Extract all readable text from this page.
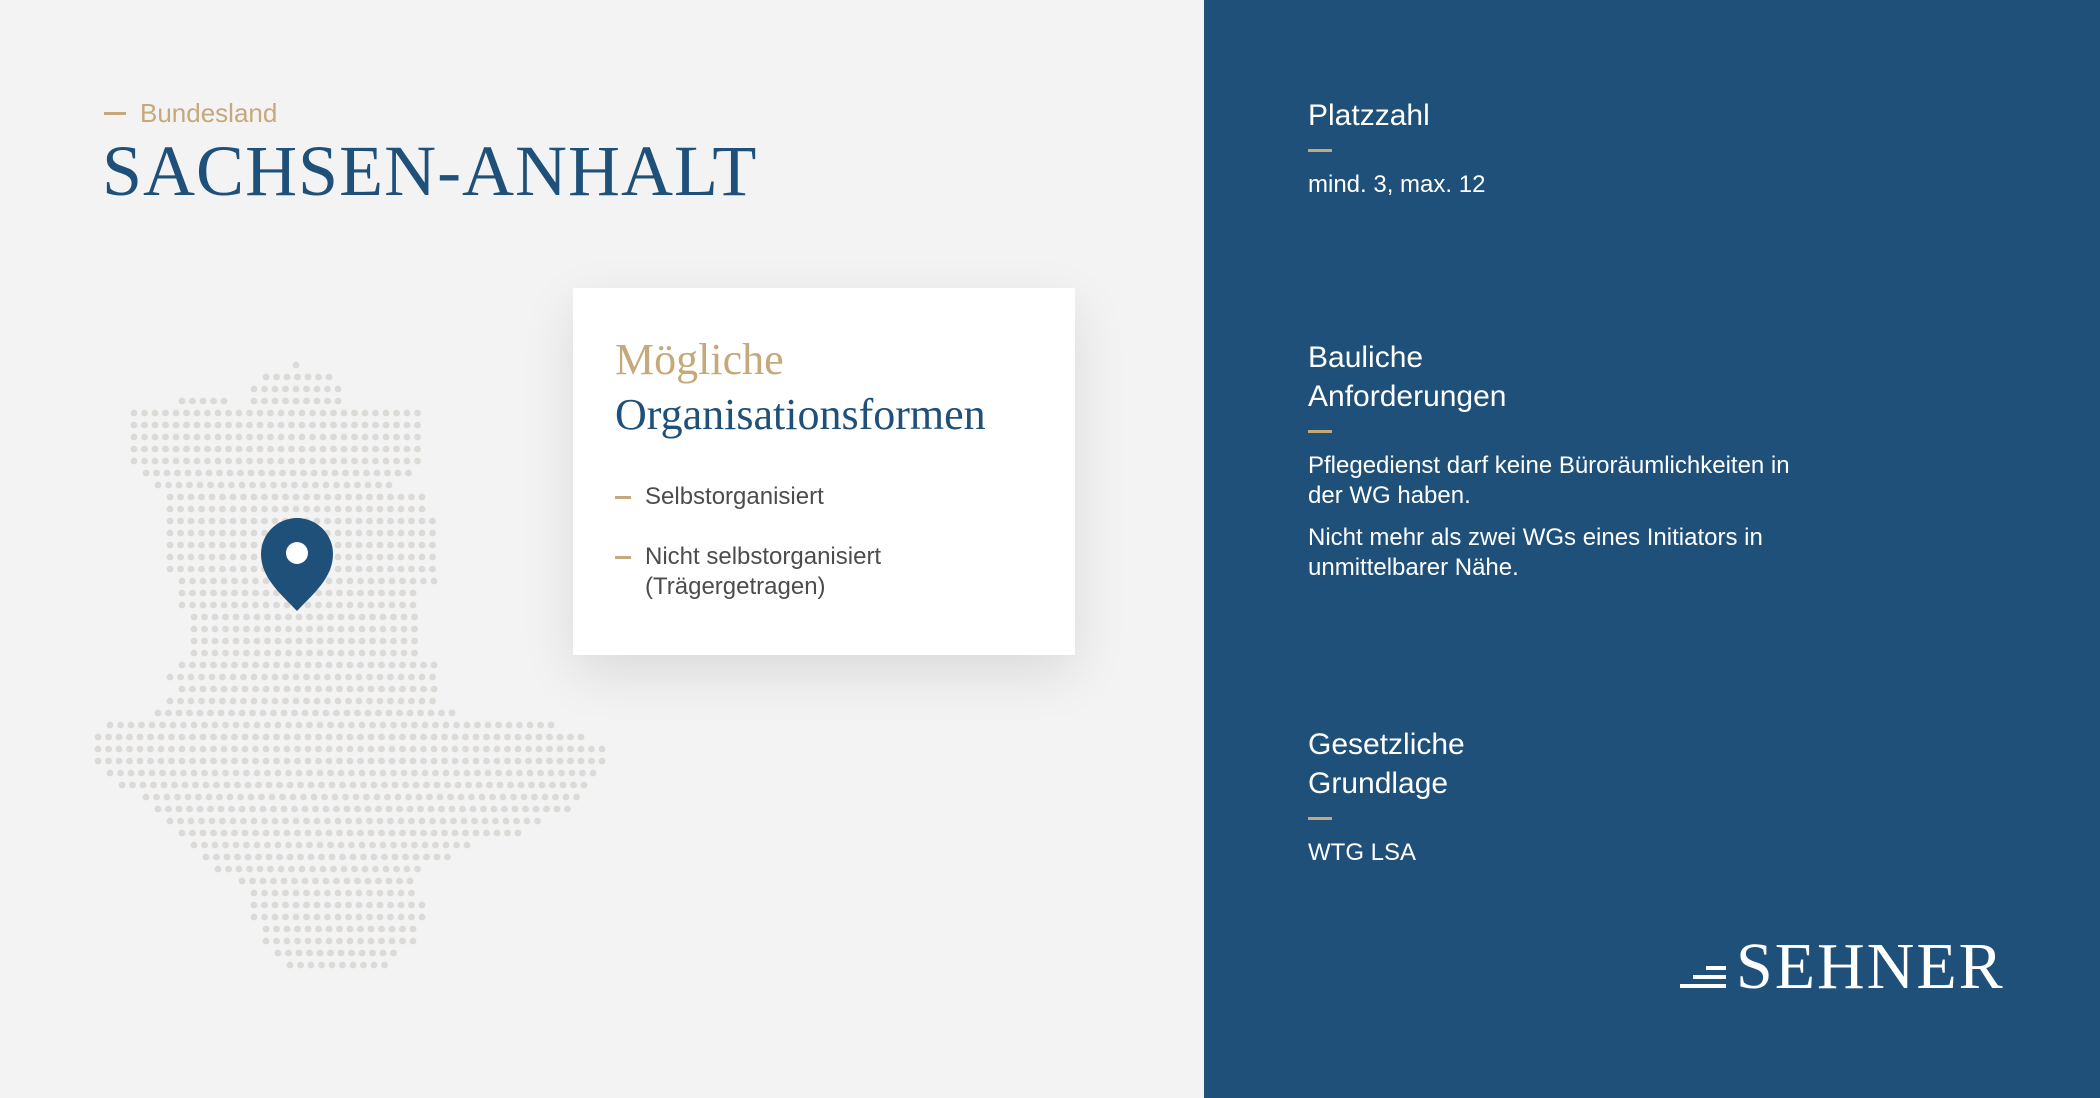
Bundesland
SACHSEN-ANHALT
Mögliche
Organisationsformen
Selbstorganisiert
Nicht selbstorganisiert
(Trägergetragen)
Platzzahl

mind. 3, max. 12

Bauliche
Anforderungen

Pflegedienst darf keine Büroräumlichkeiten in der WG haben.

Nicht mehr als zwei WGs eines Initiators in unmittelbarer Nähe.

Gesetzliche
Grundlage

WTG LSA

SEHNER
